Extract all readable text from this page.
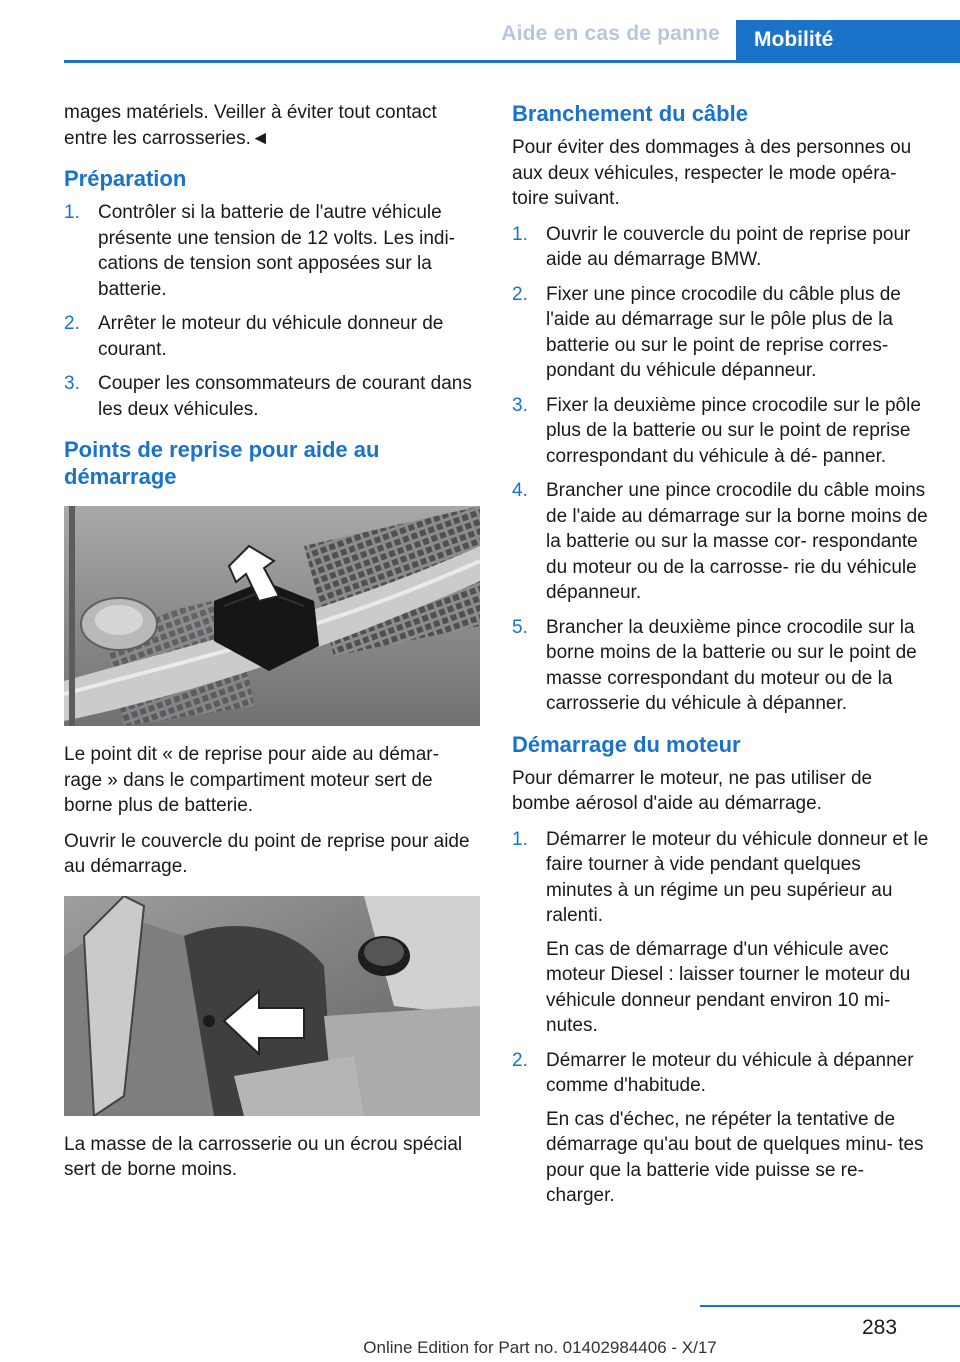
Aide en cas de panne	Mobilité

mages matériels. Veiller à éviter tout contact entre les carrosseries.◄

Préparation
1. Contrôler si la batterie de l'autre véhicule présente une tension de 12 volts. Les indi‐ cations de tension sont apposées sur la batterie.
2. Arrêter le moteur du véhicule donneur de courant.
3. Couper les consommateurs de courant dans les deux véhicules.
Points de reprise pour aide au démarrage

Le point dit « de reprise pour aide au démar‐ rage » dans le compartiment moteur sert de borne plus de batterie.

Ouvrir le couvercle du point de reprise pour aide au démarrage.

La masse de la carrosserie ou un écrou spécial sert de borne moins.

Branchement du câble

Pour éviter des dommages à des personnes ou aux deux véhicules, respecter le mode opéra‐ toire suivant.

1. Ouvrir le couvercle du point de reprise pour aide au démarrage BMW.
2. Fixer une pince crocodile du câble plus de l'aide au démarrage sur le pôle plus de la batterie ou sur le point de reprise corres‐ pondant du véhicule dépanneur.
3. Fixer la deuxième pince crocodile sur le pôle plus de la batterie ou sur le point de reprise correspondant du véhicule à dé‐ panner.
4. Brancher une pince crocodile du câble moins de l'aide au démarrage sur la borne moins de la batterie ou sur la masse cor‐ respondante du moteur ou de la carrosse‐ rie du véhicule dépanneur.
5. Brancher la deuxième pince crocodile sur la borne moins de la batterie ou sur le point de masse correspondant du moteur ou de la carrosserie du véhicule à dépanner.
Démarrage du moteur

Pour démarrer le moteur, ne pas utiliser de bombe aérosol d'aide au démarrage.

1. Démarrer le moteur du véhicule donneur et le faire tourner à vide pendant quelques minutes à un régime un peu supérieur au ralenti.
En cas de démarrage d'un véhicule avec moteur Diesel : laisser tourner le moteur du véhicule donneur pendant environ 10 mi‐ nutes.
2. Démarrer le moteur du véhicule à dépanner comme d'habitude.
En cas d'échec, ne répéter la tentative de démarrage qu'au bout de quelques minu‐ tes pour que la batterie vide puisse se re‐ charger.
283
Online Edition for Part no. 01402984406 - X/17
